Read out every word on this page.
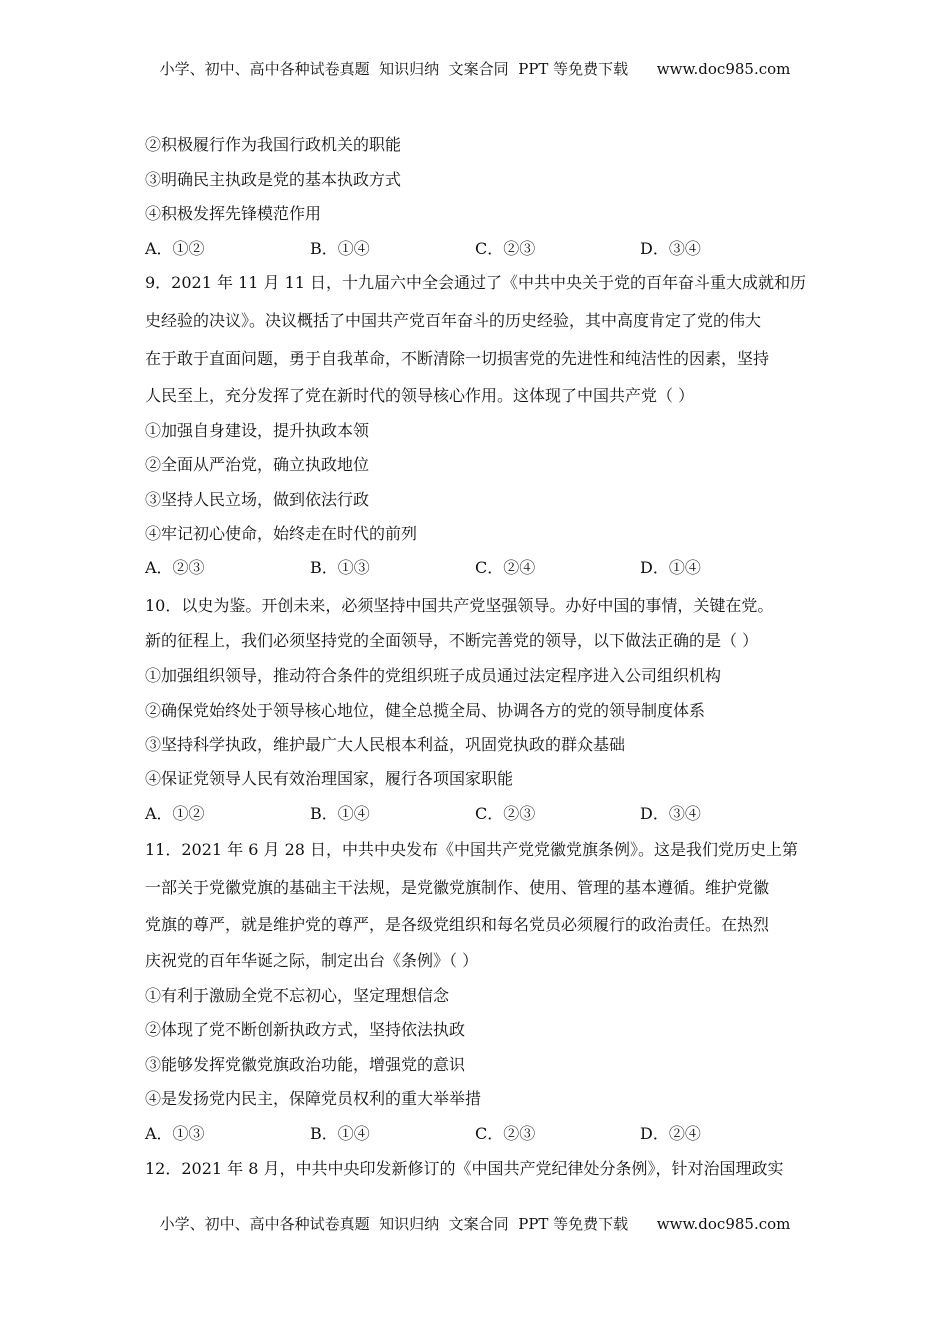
小学、初中、高中各种试卷真题  知识归纳  文案合同  PPT 等免费下载      www.doc985.com
②积极履行作为我国行政机关的职能
③明确民主执政是党的基本执政方式
④积极发挥先锋模范作用
A．①②	B．①④	C．②③	D．③④
9．2021 年 11 月 11 日，十九届六中全会通过了《中共中央关于党的百年奋斗重大成就和历
史经验的决议》。决议概括了中国共产党百年奋斗的历史经验，其中高度肯定了党的伟大
在于敢于直面问题，勇于自我革命，不断清除一切损害党的先进性和纯洁性的因素，坚持
人民至上，充分发挥了党在新时代的领导核心作用。这体现了中国共产党（ ）
①加强自身建设，提升执政本领
②全面从严治党，确立执政地位
③坚持人民立场，做到依法行政
④牢记初心使命，始终走在时代的前列
A．②③	B．①③	C．②④	D．①④
10．以史为鉴。开创未来，必须坚持中国共产党坚强领导。办好中国的事情，关键在党。
新的征程上，我们必须坚持党的全面领导，不断完善党的领导，以下做法正确的是（ ）
①加强组织领导，推动符合条件的党组织班子成员通过法定程序进入公司组织机构
②确保党始终处于领导核心地位，健全总揽全局、协调各方的党的领导制度体系
③坚持科学执政，维护最广大人民根本利益，巩固党执政的群众基础
④保证党领导人民有效治理国家，履行各项国家职能
A．①②	B．①④	C．②③	D．③④
11．2021 年 6 月 28 日，中共中央发布《中国共产党党徽党旗条例》。这是我们党历史上第
一部关于党徽党旗的基础主干法规，是党徽党旗制作、使用、管理的基本遵循。维护党徽
党旗的尊严，就是维护党的尊严，是各级党组织和每名党员必须履行的政治责任。在热烈
庆祝党的百年华诞之际，制定出台《条例》（ ）
①有利于激励全党不忘初心，坚定理想信念
②体现了党不断创新执政方式，坚持依法执政
③能够发挥党徽党旗政治功能，增强党的意识
④是发扬党内民主，保障党员权利的重大举举措
A．①③	B．①④	C．②③	D．②④
12．2021 年 8 月，中共中央印发新修订的《中国共产党纪律处分条例》，针对治国理政实
小学、初中、高中各种试卷真题  知识归纳  文案合同  PPT 等免费下载      www.doc985.com
